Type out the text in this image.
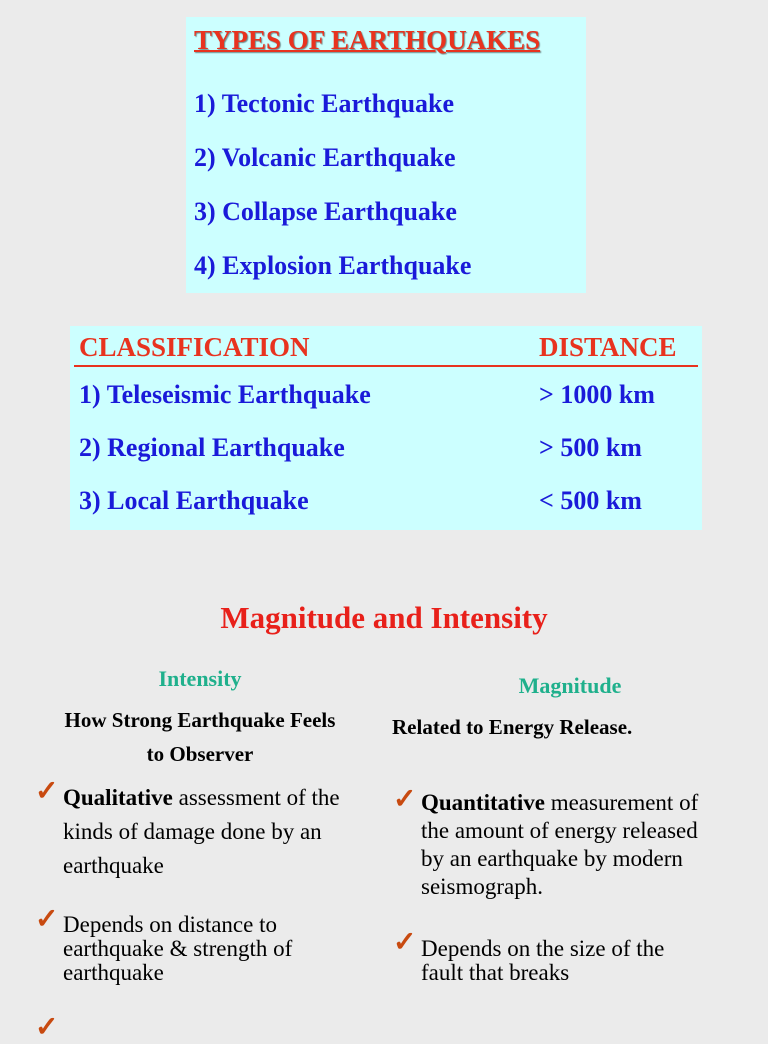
TYPES OF EARTHQUAKES
1) Tectonic Earthquake
2) Volcanic Earthquake
3) Collapse Earthquake
4) Explosion Earthquake
CLASSIFICATION	DISTANCE
1) Teleseismic Earthquake	> 1000 km
2) Regional Earthquake	> 500 km
3) Local Earthquake	< 500 km
Magnitude and Intensity
Intensity
How Strong Earthquake Feels
to Observer
✓ Qualitative assessment of the
kinds of damage done by an
earthquake
✓ Depends on distance to
earthquake & strength of
earthquake
✓
Magnitude
Related to Energy Release.
✓ Quantitative measurement of
the amount of energy released
by an earthquake by modern
seismograph.
✓ Depends on the size of the
fault that breaks
